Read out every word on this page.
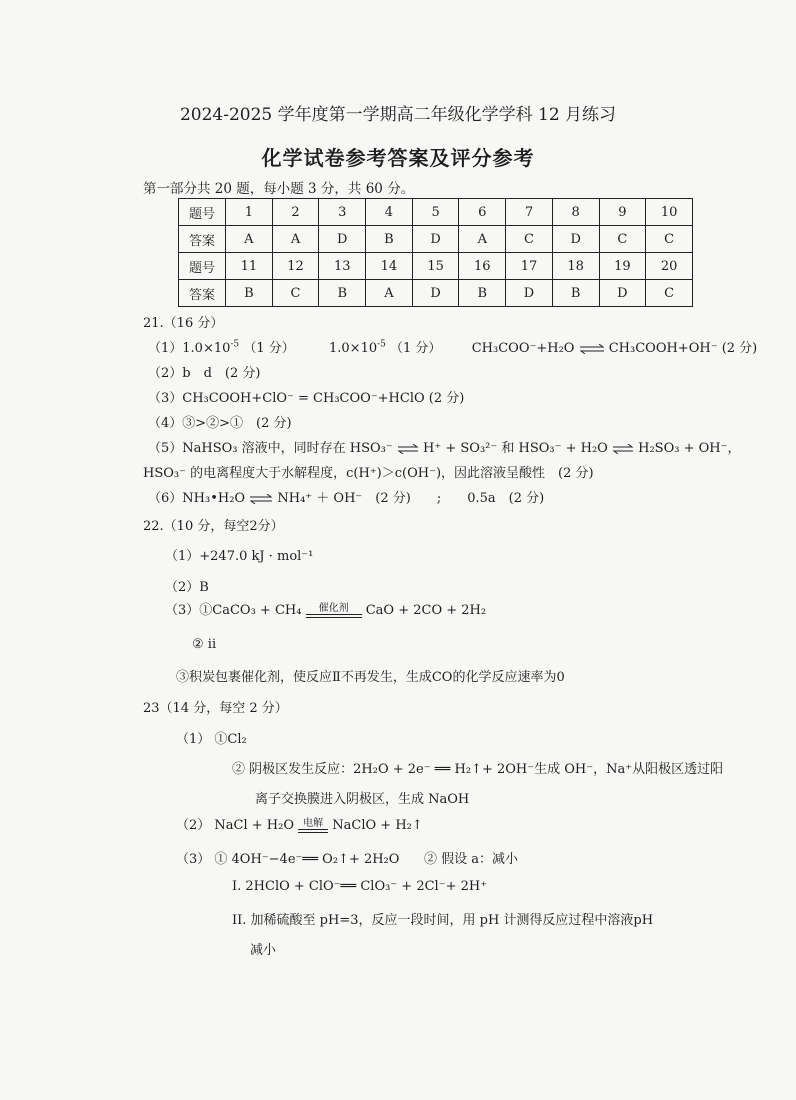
2024-2025 学年度第一学期高二年级化学学科 12 月练习
化学试卷参考答案及评分参考
第一部分共 20 题，每小题 3 分，共 60 分。
题号	1	2	3	4	5	6	7	8	9	10
答案	A	A	D	B	D	A	C	D	C	C
题号	11	12	13	14	15	16	17	18	19	20
答案	B	C	B	A	D	B	D	B	D	C
21.（16 分）
$(1)1.0\times 10^{-5}$ （1 分）	$1.0\times 10^{-5}$ （1 分） CH₃COO⁻+H₂O ⇌ CH₃COOH+OH⁻ (2 分)
（2）b　d　(2 分)
（3）CH₃COOH+ClO⁻ = CH₃COO⁻+HClO (2 分)
（4）③>②>①　(2 分)
（5）NaHSO₃ 溶液中，同时存在 HSO₃⁻ ⇌ H⁺ + SO₃²⁻ 和 HSO₃⁻ + H₂O ⇌ H₂SO₃ + OH⁻，
HSO₃⁻ 的电离程度大于水解程度，c(H⁺)＞c(OH⁻)，因此溶液呈酸性　(2 分)
（6）NH₃•H₂O ⇌ NH₄⁺ ＋ OH⁻　(2 分)　　;　　0.5a　(2 分)
22.（10 分，每空2分）
（1）+247.0 kJ · mol⁻¹
（2）B
（3）①CaCO₃ + CH₄	催化剂	CaO + 2CO + 2H₂
② ii
③积炭包裹催化剂，使反应Ⅱ不再发生，生成CO的化学反应速率为0
23（14 分，每空 2 分）
（1） ①Cl₂
② 阴极区发生反应：2H₂O + 2e⁻ ══ H₂↑+ 2OH⁻生成 OH⁻，Na⁺从阳极区透过阳
离子交换膜进入阴极区，生成 NaOH
（2） NaCl + H₂O 电解 NaClO + H₂↑
（3） ① 4OH⁻−4e⁻══ O₂↑+ 2H₂O ② 假设 a：减小
I. 2HClO + ClO⁻══ ClO₃⁻ + 2Cl⁻+ 2H⁺
II. 加稀硫酸至 pH=3，反应一段时间，用 pH 计测得反应过程中溶液pH
减小
